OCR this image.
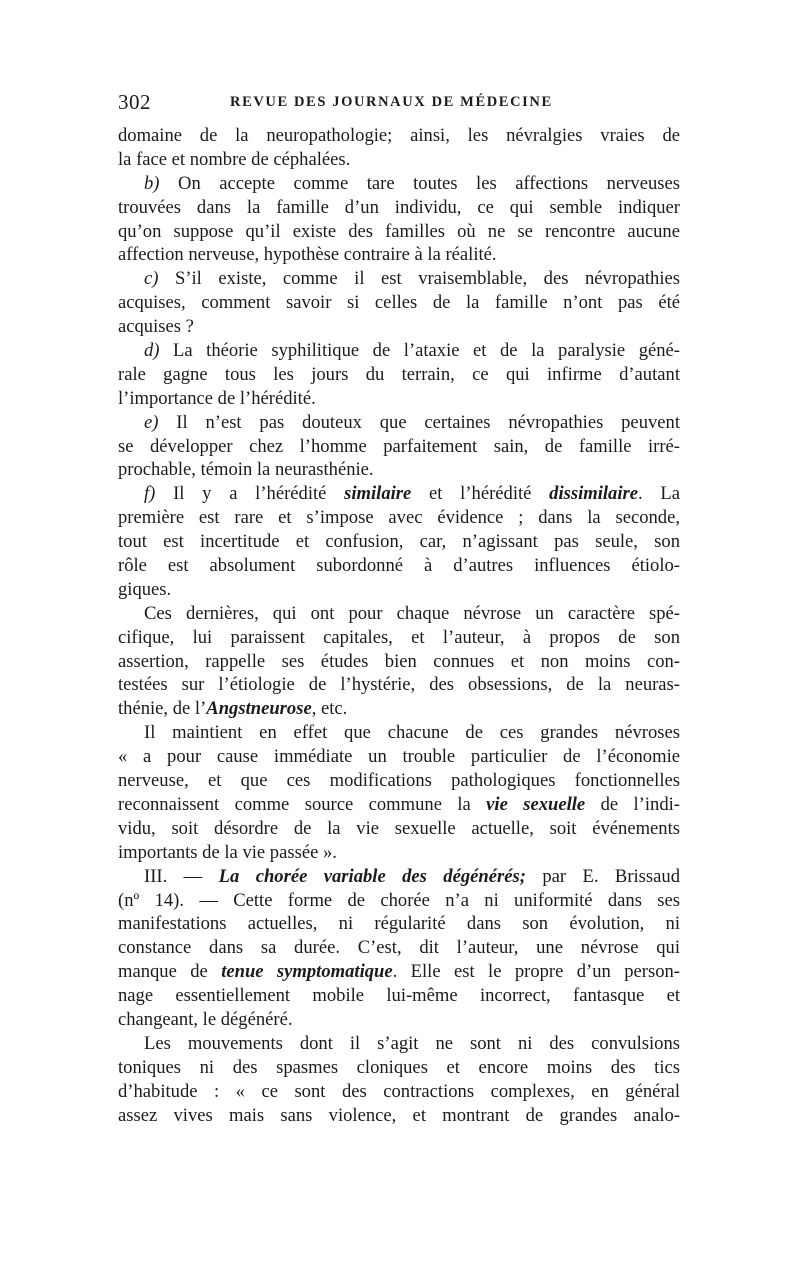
302	REVUE DES JOURNAUX DE MÉDECINE
domaine de la neuropathologie; ainsi, les névralgies vraies de
la face et nombre de céphalées.
b) On accepte comme tare toutes les affections nerveuses
trouvées dans la famille d’un individu, ce qui semble indiquer
qu’on suppose qu’il existe des familles où ne se rencontre aucune
affection nerveuse, hypothèse contraire à la réalité.
c) S’il existe, comme il est vraisemblable, des névropathies
acquises, comment savoir si celles de la famille n’ont pas été
acquises ?
d) La théorie syphilitique de l’ataxie et de la paralysie géné-
rale gagne tous les jours du terrain, ce qui infirme d’autant
l’importance de l’hérédité.
e) Il n’est pas douteux que certaines névropathies peuvent
se développer chez l’homme parfaitement sain, de famille irré-
prochable, témoin la neurasthénie.
f) Il y a l’hérédité similaire et l’hérédité dissimilaire. La
première est rare et s’impose avec évidence ; dans la seconde,
tout est incertitude et confusion, car, n’agissant pas seule, son
rôle est absolument subordonné à d’autres influences étiolo-
giques.
Ces dernières, qui ont pour chaque névrose un caractère spé-
cifique, lui paraissent capitales, et l’auteur, à propos de son
assertion, rappelle ses études bien connues et non moins con-
testées sur l’étiologie de l’hystérie, des obsessions, de la neuras-
thénie, de l’Angstneurose, etc.
Il maintient en effet que chacune de ces grandes névroses
« a pour cause immédiate un trouble particulier de l’économie
nerveuse, et que ces modifications pathologiques fonctionnelles
reconnaissent comme source commune la vie sexuelle de l’indi-
vidu, soit désordre de la vie sexuelle actuelle, soit événements
importants de la vie passée ».
III. — La chorée variable des dégénérés; par E. Brissaud
(nº 14). — Cette forme de chorée n’a ni uniformité dans ses
manifestations actuelles, ni régularité dans son évolution, ni
constance dans sa durée. C’est, dit l’auteur, une névrose qui
manque de tenue symptomatique. Elle est le propre d’un person-
nage essentiellement mobile lui-même incorrect, fantasque et
changeant, le dégénéré.
Les mouvements dont il s’agit ne sont ni des convulsions
toniques ni des spasmes cloniques et encore moins des tics
d’habitude : « ce sont des contractions complexes, en général
assez vives mais sans violence, et montrant de grandes analo-
